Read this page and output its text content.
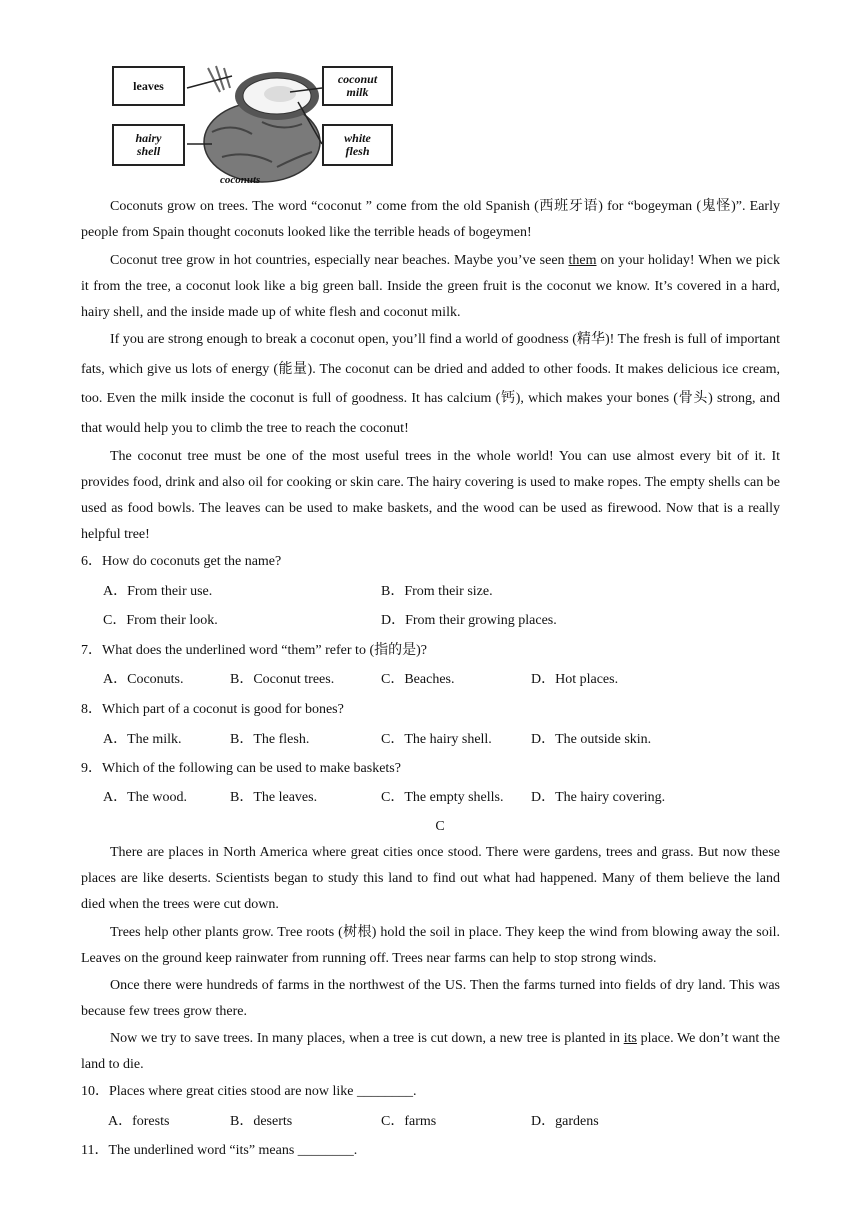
leaves	coconut
milk
hairy
shell
white
flesh
coconuts

Coconuts grow on trees. The word “coconut ” come from the old Spanish (西班牙语) for “bogeyman (鬼怪)”. Early people from Spain thought coconuts looked like the terrible heads of bogeymen!

Coconut tree grow in hot countries, especially near beaches. Maybe you’ve seen them on your holiday! When we pick it from the tree, a coconut look like a big green ball. Inside the green fruit is the coconut we know. It’s covered in a hard, hairy shell, and the inside made up of white flesh and coconut milk.

If you are strong enough to break a coconut open, you’ll find a world of goodness (精华)! The fresh is full of important fats, which give us lots of energy (能量). The coconut can be dried and added to other foods. It makes delicious ice cream, too. Even the milk inside the coconut is full of goodness. It has calcium (钙), which makes your bones (骨头) strong, and that would help you to climb the tree to reach the coconut!

The coconut tree must be one of the most useful trees in the whole world! You can use almost every bit of it. It provides food, drink and also oil for cooking or skin care. The hairy covering is used to make ropes. The empty shells can be used as food bowls. The leaves can be used to make baskets, and the wood can be used as firewood. Now that is a really helpful tree!

6．How do coconuts get the name?
A．From their use.	B．From their size.
C．From their look.	D．From their growing places.
7．What does the underlined word “them” refer to (指的是)?
A．Coconuts.	B．Coconut trees.	C．Beaches.	D．Hot places.
8．Which part of a coconut is good for bones?
A．The milk.	B．The flesh.	C．The hairy shell.	D．The outside skin.
9．Which of the following can be used to make baskets?
A．The wood.	B．The leaves.	C．The empty shells. D．The hairy covering.
C

There are places in North America where great cities once stood. There were gardens, trees and grass. But now these places are like deserts. Scientists began to study this land to find out what had happened. Many of them believe the land died when the trees were cut down.

Trees help other plants grow. Tree roots (树根) hold the soil in place. They keep the wind from blowing away the soil. Leaves on the ground keep rainwater from running off. Trees near farms can help to stop strong winds.

Once there were hundreds of farms in the northwest of the US. Then the farms turned into fields of dry land. This was because few trees grow there.

Now we try to save trees. In many places, when a tree is cut down, a new tree is planted in its place. We don’t want the land to die.

10．Places where great cities stood are now like ________.
A．forests	B．deserts	C．farms	D．gardens
11．The underlined word “its” means ________.
